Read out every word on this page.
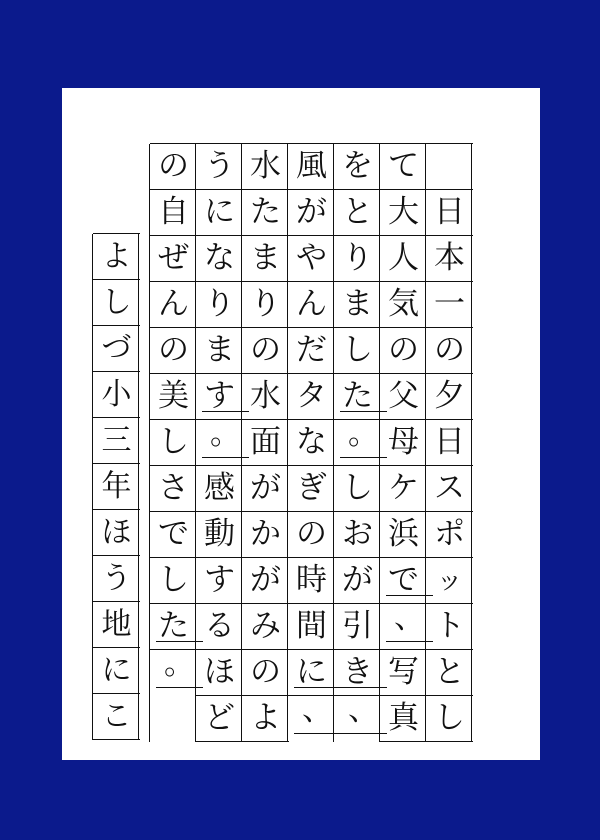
日
本
一
の
夕
日
ス
ポ
ッ
ト
と
し
て
大
人
気
の
父
母
ケ
浜
で
、
写
真
を
と
り
ま
し
た
。
し
お
が
引
き
、
風
が
や
ん
だ
タ
な
ぎ
の
時
間
に
、
水
た
ま
り
の
水
面
が
か
が
み
の
よ
う
に
な
り
ま
す
。
感
動
す
る
ほ
ど
の
自
ぜ
ん
の
美
し
さ
で
し
た
。
よ
し
づ
小
三
年
ほ
う
地
に
こ
